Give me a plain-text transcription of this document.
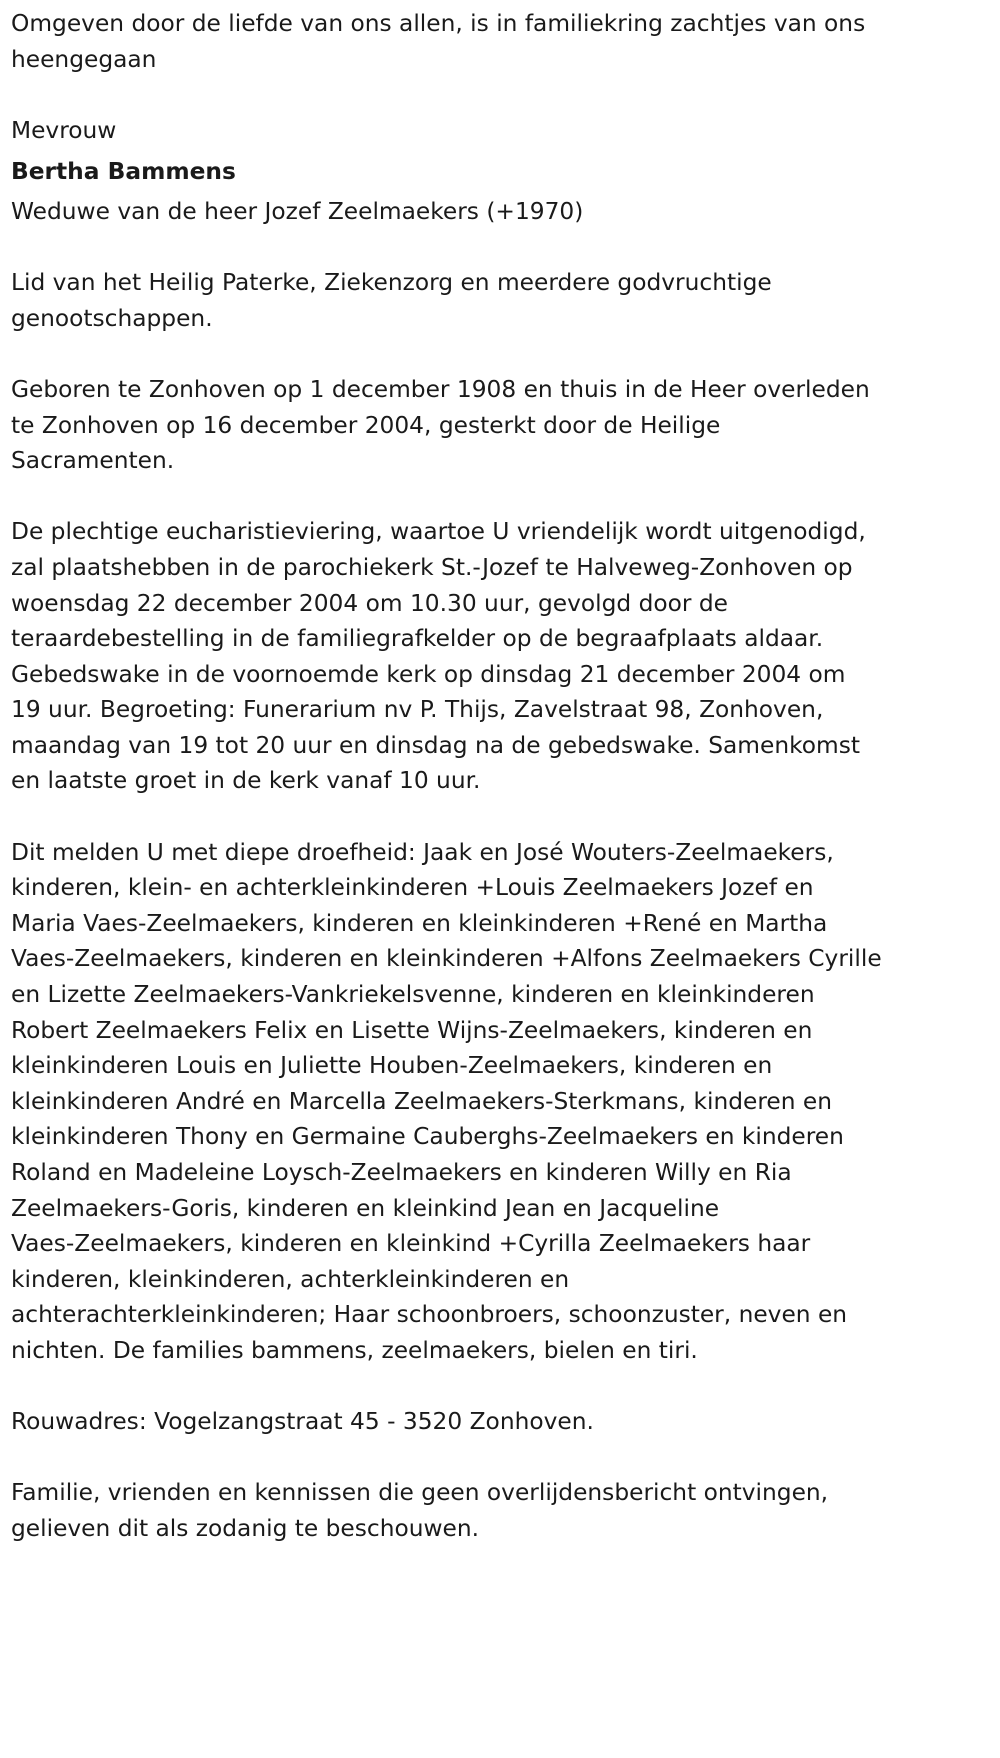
Omgeven door de liefde van ons allen, is in familiekring zachtjes van ons

heengegaan

Mevrouw

Bertha Bammens

Weduwe van de heer Jozef Zeelmaekers (+1970)

Lid van het Heilig Paterke, Ziekenzorg en meerdere godvruchtige

genootschappen.

Geboren te Zonhoven op 1 december 1908 en thuis in de Heer overleden

te Zonhoven op 16 december 2004, gesterkt door de Heilige

Sacramenten.

De plechtige eucharistieviering, waartoe U vriendelijk wordt uitgenodigd,

zal plaatshebben in de parochiekerk St.-Jozef te Halveweg-Zonhoven op

woensdag 22 december 2004 om 10.30 uur, gevolgd door de

teraardebestelling in de familiegrafkelder op de begraafplaats aldaar.

Gebedswake in de voornoemde kerk op dinsdag 21 december 2004 om

19 uur. Begroeting: Funerarium nv P. Thijs, Zavelstraat 98, Zonhoven,

maandag van 19 tot 20 uur en dinsdag na de gebedswake. Samenkomst

en laatste groet in de kerk vanaf 10 uur.

Dit melden U met diepe droefheid: Jaak en José Wouters-Zeelmaekers,

kinderen, klein- en achterkleinkinderen +Louis Zeelmaekers Jozef en

Maria Vaes-Zeelmaekers, kinderen en kleinkinderen +René en Martha

Vaes-Zeelmaekers, kinderen en kleinkinderen +Alfons Zeelmaekers Cyrille

en Lizette Zeelmaekers-Vankriekelsvenne, kinderen en kleinkinderen

Robert Zeelmaekers Felix en Lisette Wijns-Zeelmaekers, kinderen en

kleinkinderen Louis en Juliette Houben-Zeelmaekers, kinderen en

kleinkinderen André en Marcella Zeelmaekers-Sterkmans, kinderen en

kleinkinderen Thony en Germaine Cauberghs-Zeelmaekers en kinderen

Roland en Madeleine Loysch-Zeelmaekers en kinderen Willy en Ria

Zeelmaekers-Goris, kinderen en kleinkind Jean en Jacqueline

Vaes-Zeelmaekers, kinderen en kleinkind +Cyrilla Zeelmaekers haar

kinderen, kleinkinderen, achterkleinkinderen en

achterachterkleinkinderen; Haar schoonbroers, schoonzuster, neven en

nichten. De families bammens, zeelmaekers, bielen en tiri.

Rouwadres: Vogelzangstraat 45 - 3520 Zonhoven.

Familie, vrienden en kennissen die geen overlijdensbericht ontvingen,

gelieven dit als zodanig te beschouwen.
